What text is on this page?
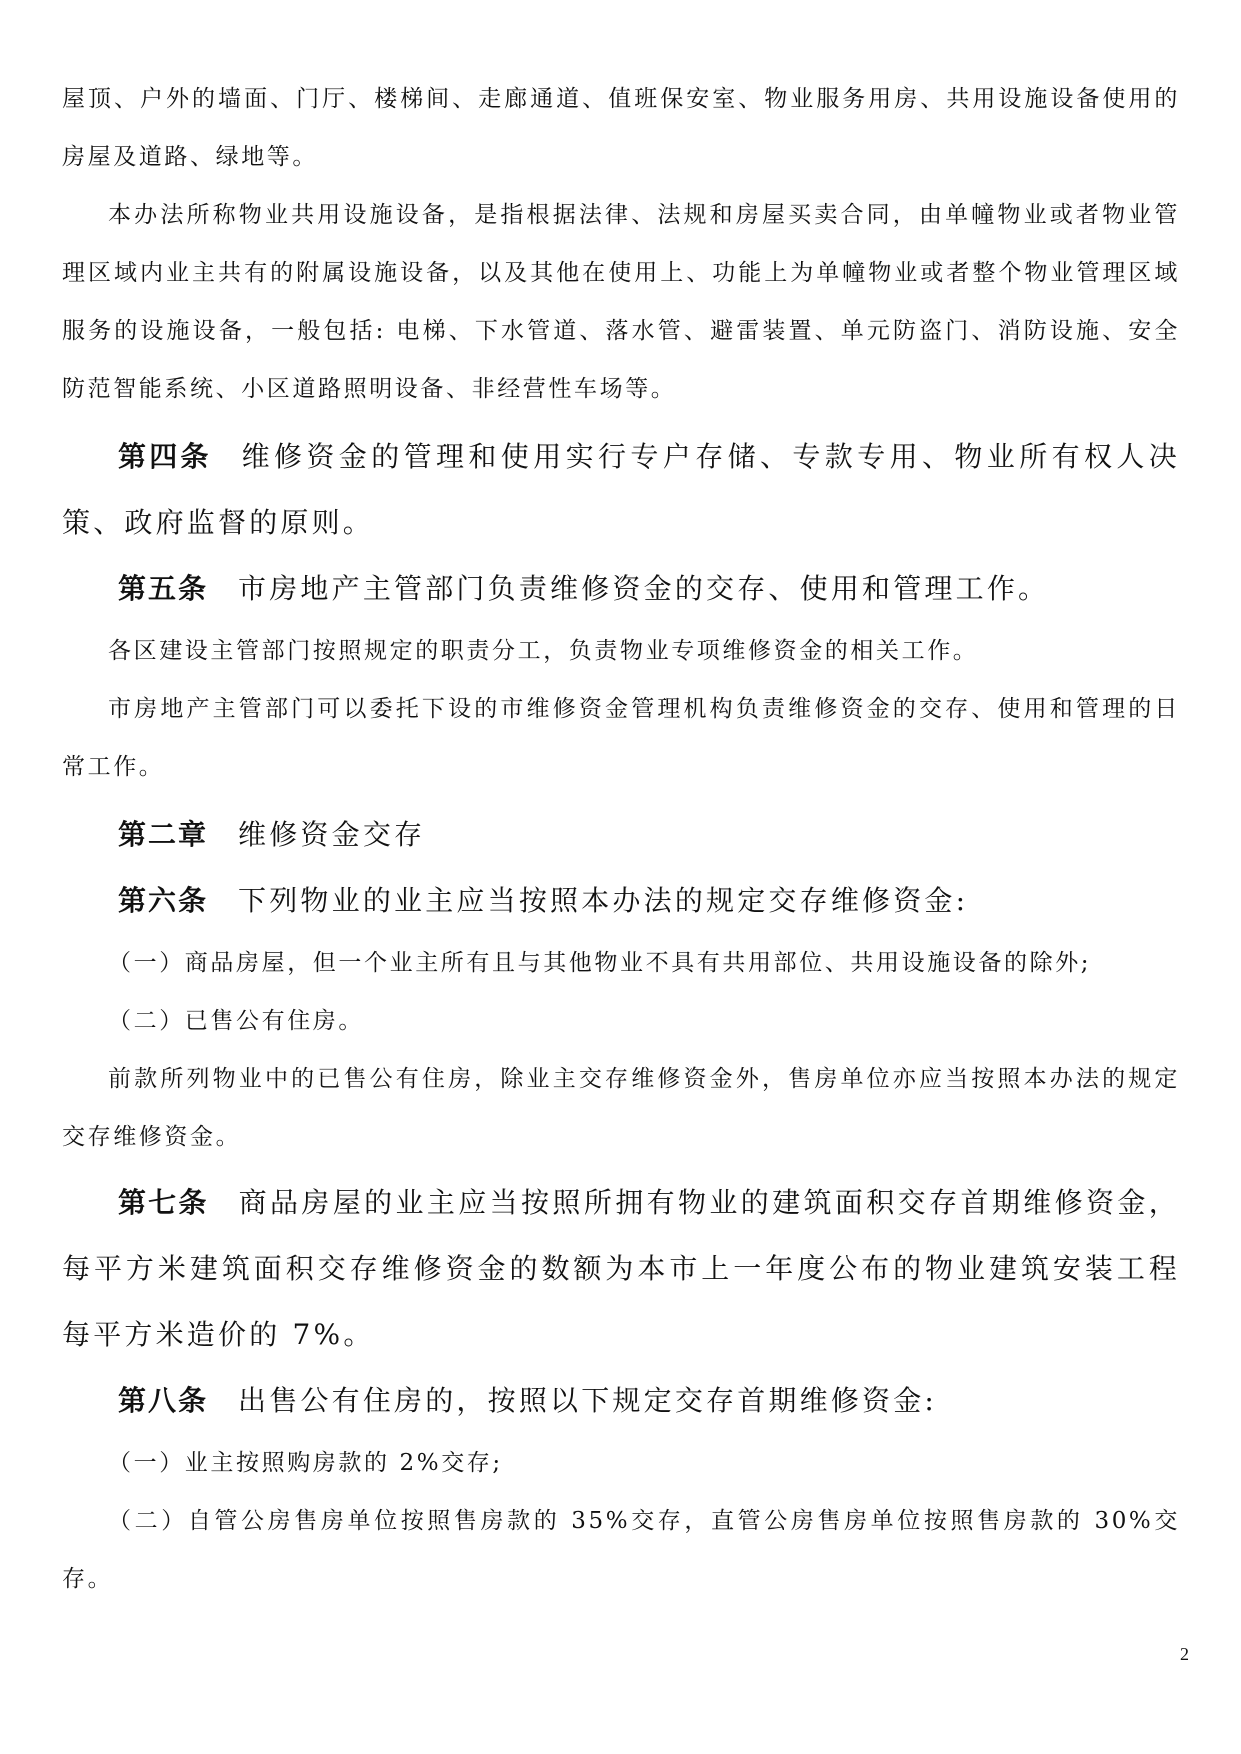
屋顶、户外的墙面、门厅、楼梯间、走廊通道、值班保安室、物业服务用房、共用设施设备使用的房屋及道路、绿地等。

本办法所称物业共用设施设备，是指根据法律、法规和房屋买卖合同，由单幢物业或者物业管理区域内业主共有的附属设施设备，以及其他在使用上、功能上为单幢物业或者整个物业管理区域服务的设施设备，一般包括: 电梯、下水管道、落水管、避雷装置、单元防盗门、消防设施、安全防范智能系统、小区道路照明设备、非经营性车场等。

第四条 维修资金的管理和使用实行专户存储、专款专用、物业所有权人决策、政府监督的原则。

第五条 市房地产主管部门负责维修资金的交存、使用和管理工作。

各区建设主管部门按照规定的职责分工，负责物业专项维修资金的相关工作。

市房地产主管部门可以委托下设的市维修资金管理机构负责维修资金的交存、使用和管理的日常工作。

第二章 维修资金交存

第六条 下列物业的业主应当按照本办法的规定交存维修资金:

（一）商品房屋，但一个业主所有且与其他物业不具有共用部位、共用设施设备的除外;

（二）已售公有住房。

前款所列物业中的已售公有住房，除业主交存维修资金外，售房单位亦应当按照本办法的规定交存维修资金。

第七条 商品房屋的业主应当按照所拥有物业的建筑面积交存首期维修资金，每平方米建筑面积交存维修资金的数额为本市上一年度公布的物业建筑安装工程每平方米造价的 7%。

第八条 出售公有住房的，按照以下规定交存首期维修资金:

（一）业主按照购房款的 2%交存;

（二）自管公房售房单位按照售房款的 35%交存，直管公房售房单位按照售房款的 30%交存。

2
